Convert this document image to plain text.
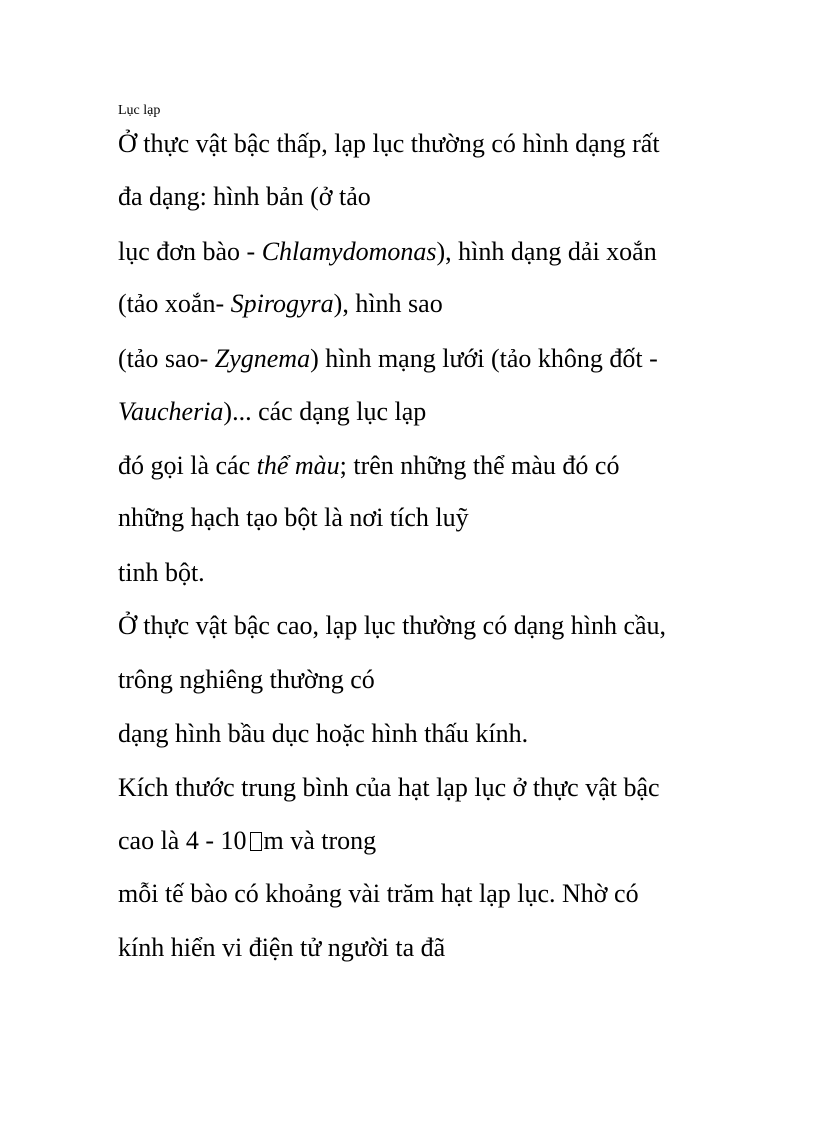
Lục lạp
Ở thực vật bậc thấp, lạp lục thường có hình dạng rất
đa dạng: hình bản (ở tảo
lục đơn bào - Chlamydomonas), hình dạng dải xoắn
(tảo xoắn- Spirogyra), hình sao
(tảo sao- Zygnema) hình mạng lưới (tảo không đốt -
Vaucheria)... các dạng lục lạp
đó gọi là các thể màu; trên những thể màu đó có
những hạch tạo bột là nơi tích luỹ
tinh bột.
Ở thực vật bậc cao, lạp lục thường có dạng hình cầu,
trông nghiêng thường có
dạng hình bầu dục hoặc hình thấu kính.
Kích thước trung bình của hạt lạp lục ở thực vật bậc
cao là 4 - 10 m và trong
mỗi tế bào có khoảng vài trăm hạt lạp lục. Nhờ có
kính hiển vi điện tử người ta đã
